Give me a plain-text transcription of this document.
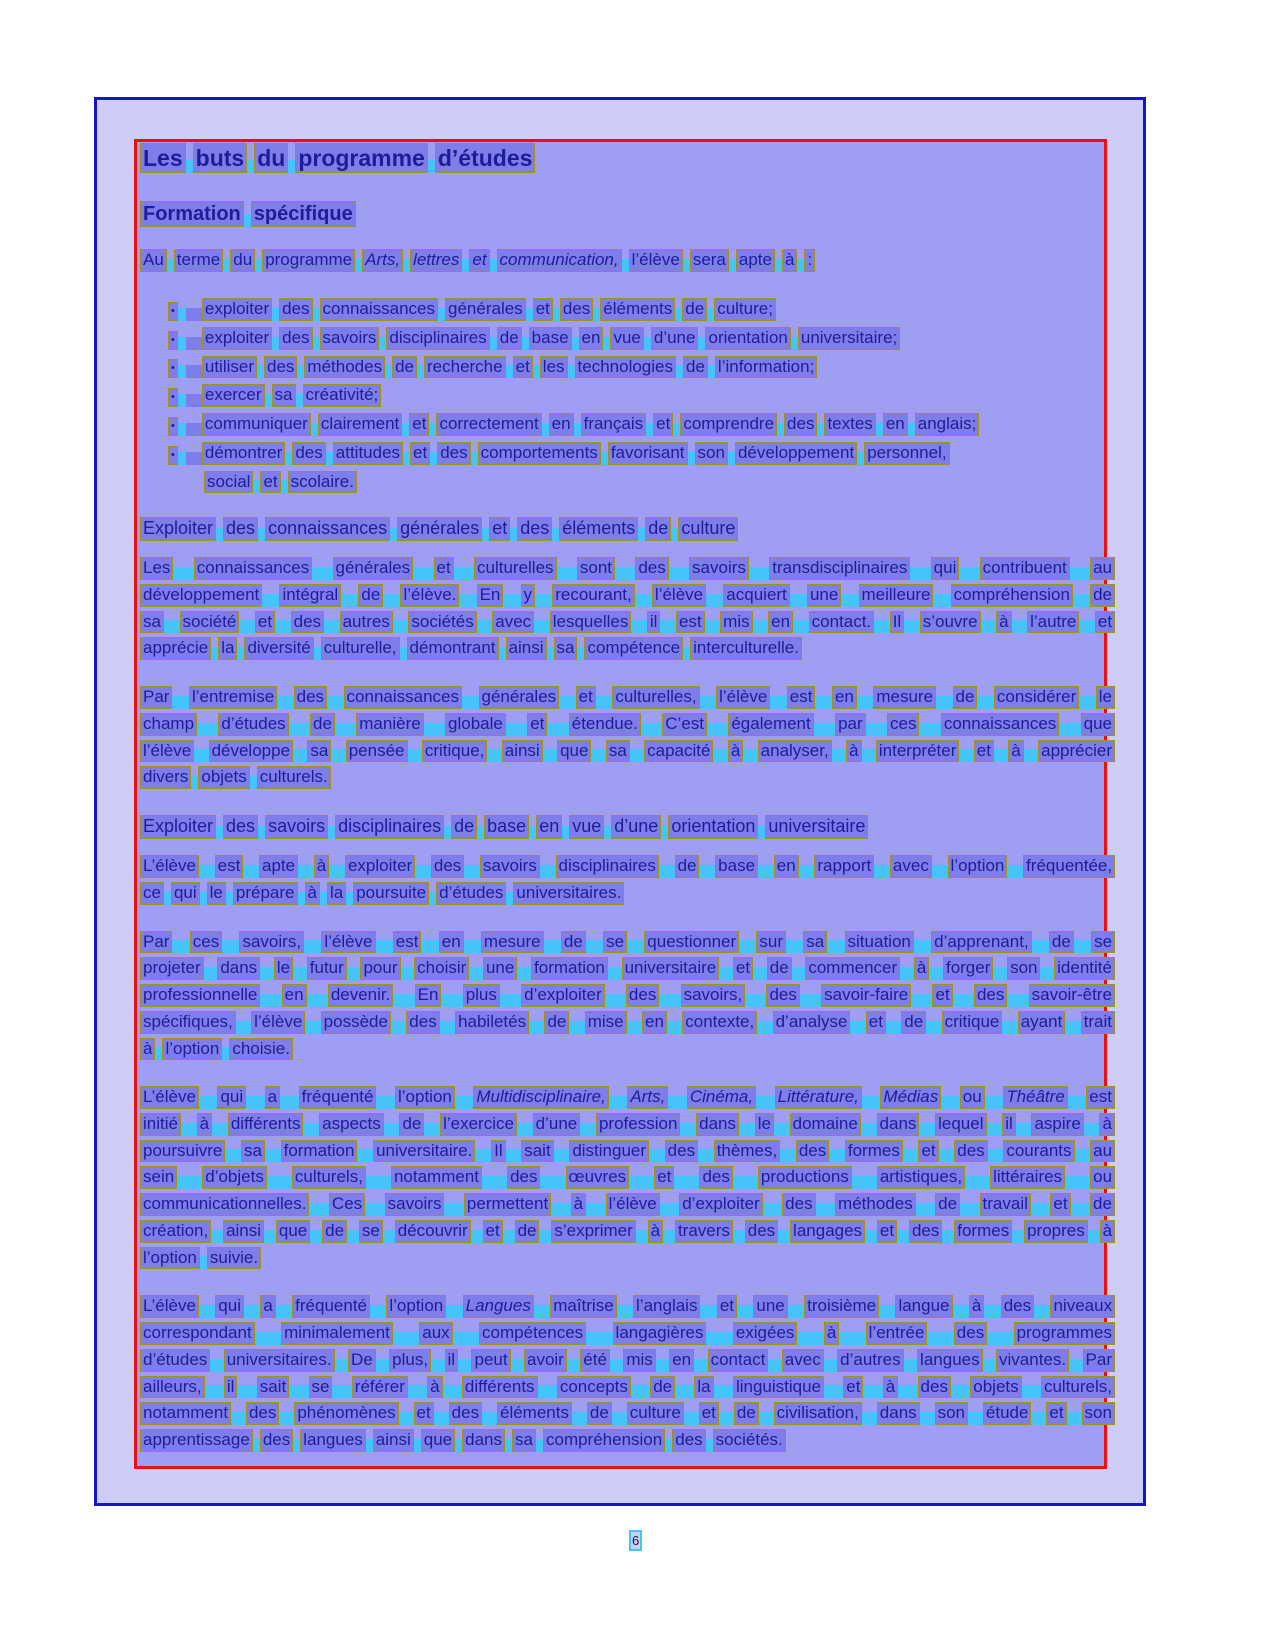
Les buts du programme d’études
Formation spécifique
Au terme du programme Arts, lettres et communication, l’élève sera apte à :
• exploiter des connaissances générales et des éléments de culture;
• exploiter des savoirs disciplinaires de base en vue d’une orientation universitaire;
• utiliser des méthodes de recherche et les technologies de l’information;
• exercer sa créativité;
• communiquer clairement et correctement en français et comprendre des textes en anglais;
• démontrer des attitudes et des comportements favorisant son développement personnel,
social et scolaire.
Exploiter des connaissances générales et des éléments de culture
Les connaissances générales et culturelles sont des savoirs transdisciplinaires qui contribuent au
développement intégral de l’élève. En y recourant, l’élève acquiert une meilleure compréhension de
sa société et des autres sociétés avec lesquelles il est mis en contact. Il s’ouvre à l’autre et
apprécie la diversité culturelle, démontrant ainsi sa compétence interculturelle.
Par l’entremise des connaissances générales et culturelles, l’élève est en mesure de considérer le
champ d’études de manière globale et étendue. C’est également par ces connaissances que
l’élève développe sa pensée critique, ainsi que sa capacité à analyser, à interpréter et à apprécier
divers objets culturels.
Exploiter des savoirs disciplinaires de base en vue d’une orientation universitaire
L’élève est apte à exploiter des savoirs disciplinaires de base en rapport avec l’option fréquentée,
ce qui le prépare à la poursuite d’études universitaires.
Par ces savoirs, l’élève est en mesure de se questionner sur sa situation d’apprenant, de se
projeter dans le futur pour choisir une formation universitaire et de commencer à forger son identité
professionnelle en devenir. En plus d’exploiter des savoirs, des savoir-faire et des savoir-être
spécifiques, l’élève possède des habiletés de mise en contexte, d’analyse et de critique ayant trait
à l’option choisie.
L’élève qui a fréquenté l’option Multidisciplinaire, Arts, Cinéma, Littérature, Médias ou Théâtre est
initié à différents aspects de l’exercice d’une profession dans le domaine dans lequel il aspire à
poursuivre sa formation universitaire. Il sait distinguer des thèmes, des formes et des courants au
sein d’objets culturels, notamment des œuvres et des productions artistiques, littéraires ou
communicationnelles. Ces savoirs permettent à l’élève d’exploiter des méthodes de travail et de
création, ainsi que de se découvrir et de s’exprimer à travers des langages et des formes propres à
l’option suivie.
L’élève qui a fréquenté l’option Langues maîtrise l’anglais et une troisième langue à des niveaux
correspondant minimalement aux compétences langagières exigées à l’entrée des programmes
d’études universitaires. De plus, il peut avoir été mis en contact avec d’autres langues vivantes. Par
ailleurs, il sait se référer à différents concepts de la linguistique et à des objets culturels,
notamment des phénomènes et des éléments de culture et de civilisation, dans son étude et son
apprentissage des langues ainsi que dans sa compréhension des sociétés.
6
